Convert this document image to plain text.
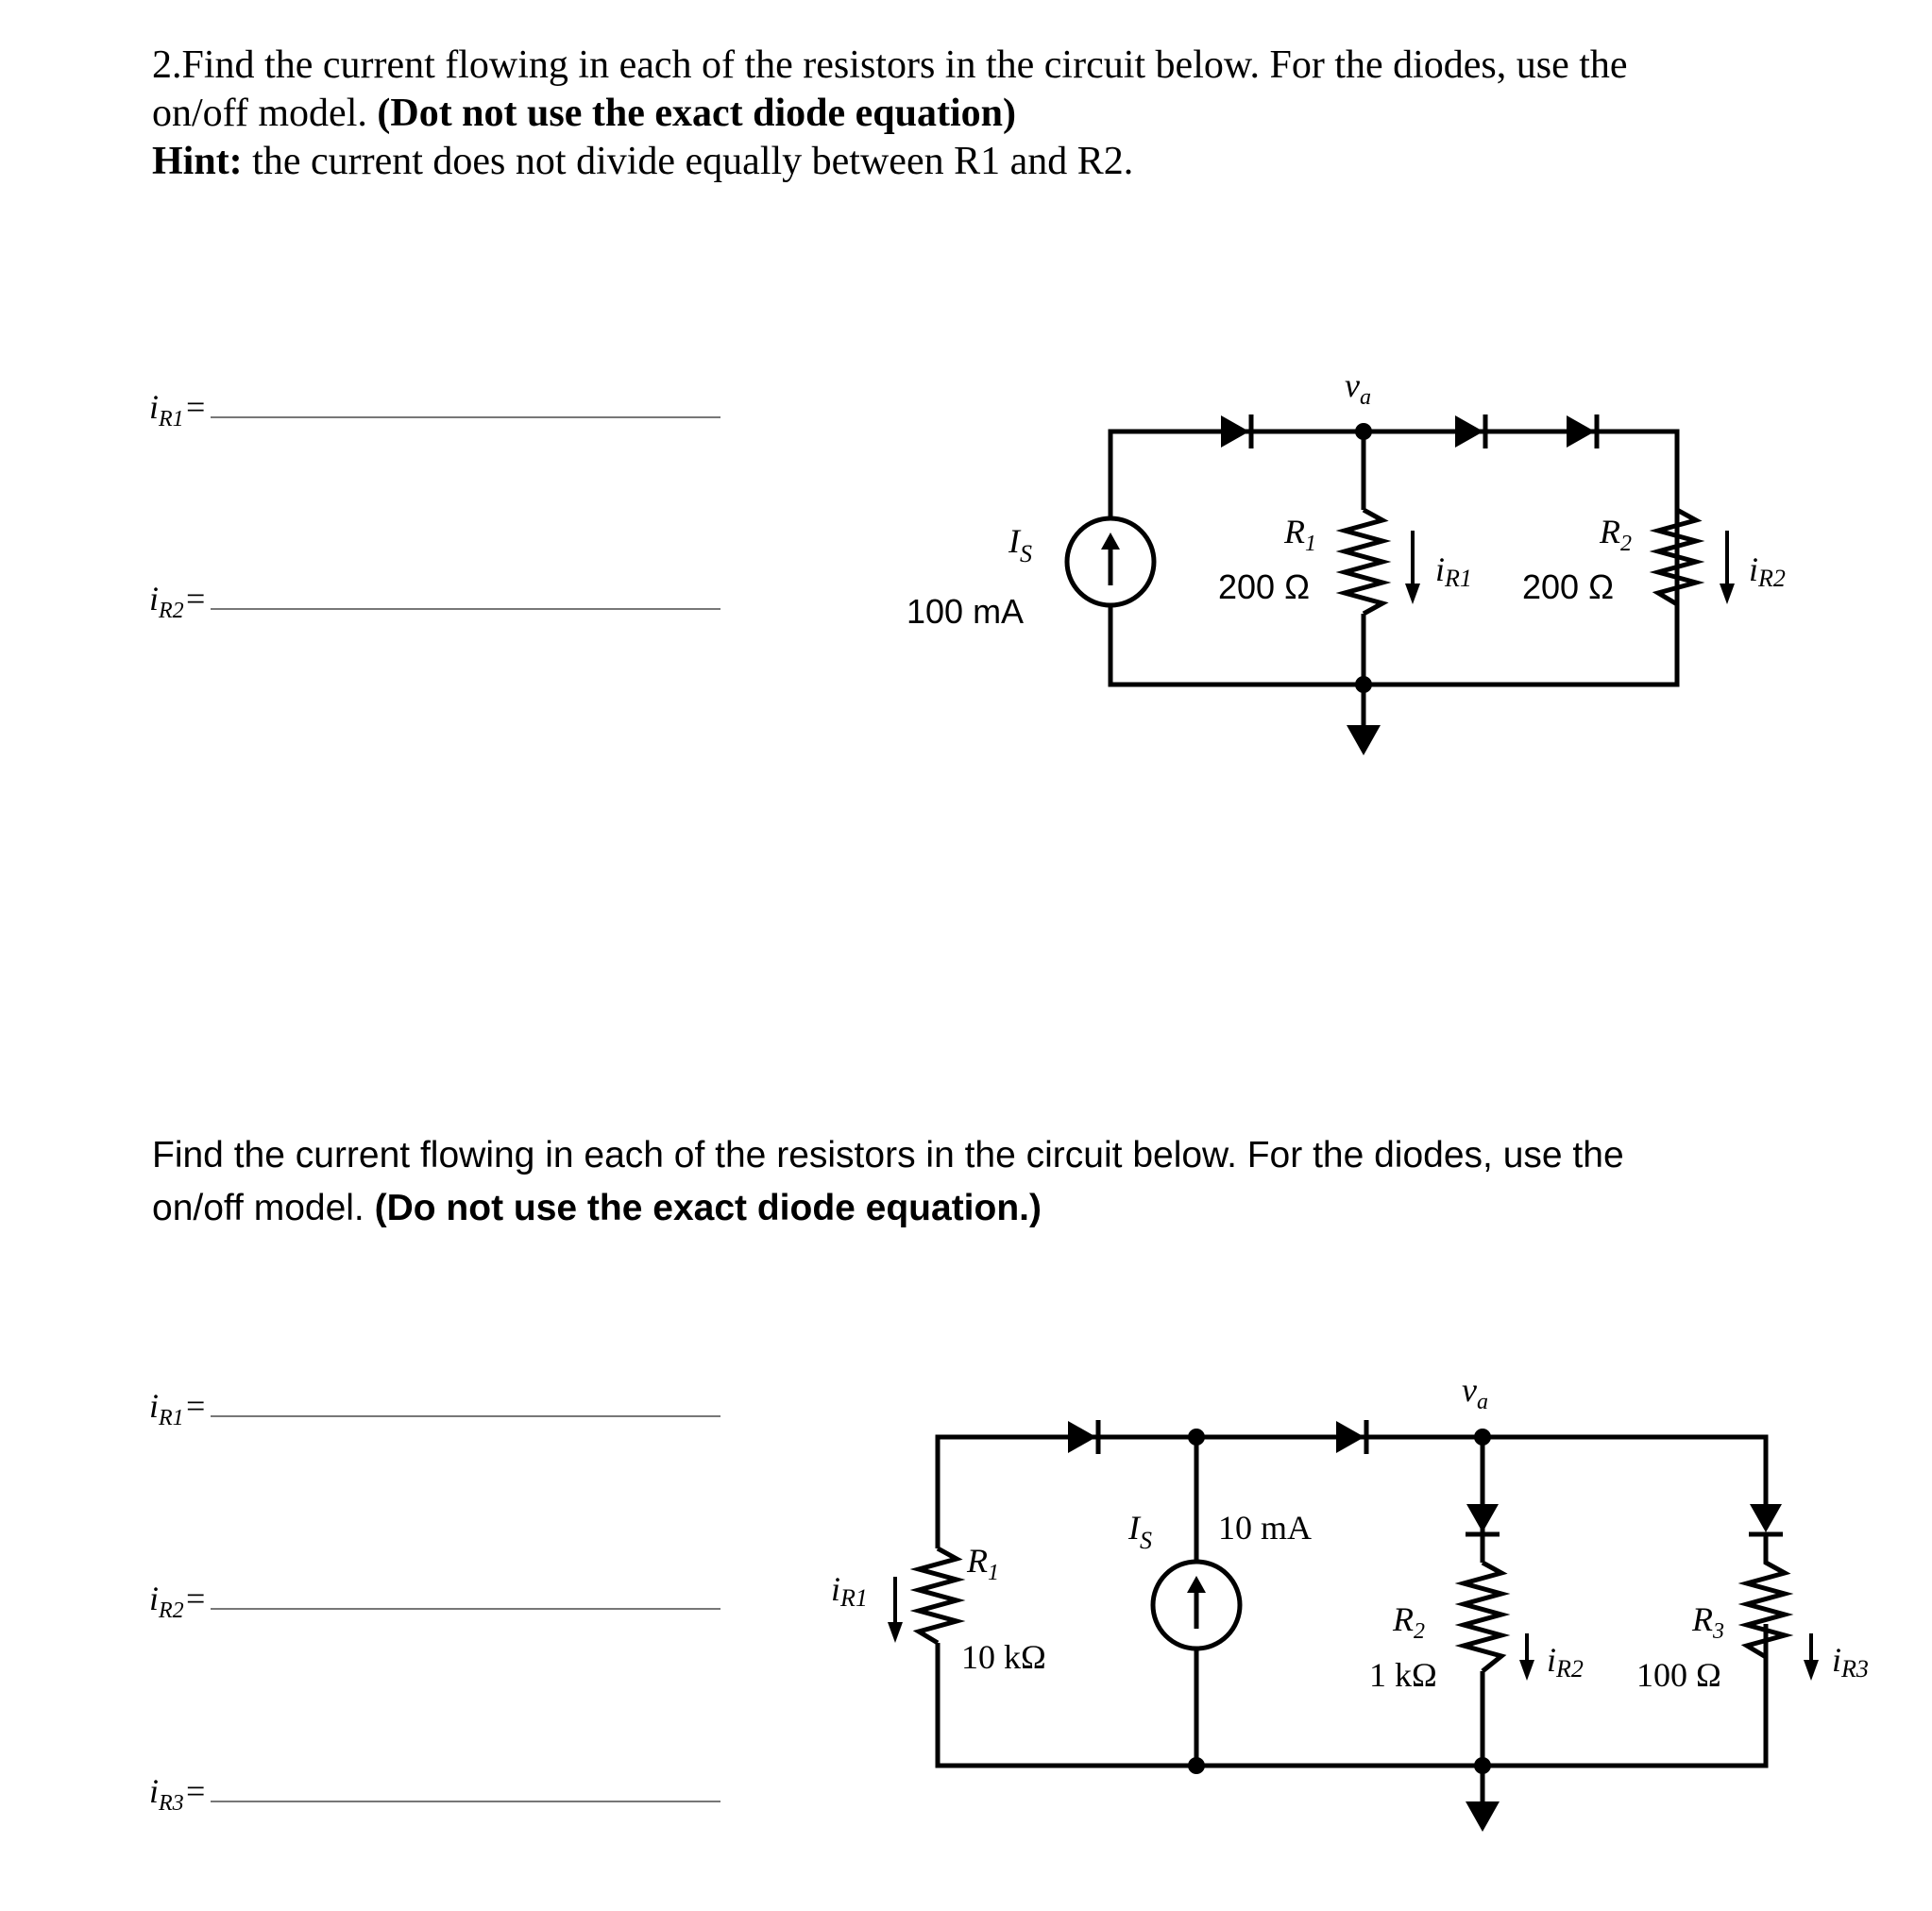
2.Find the current flowing in each of the resistors in the circuit below. For the diodes, use the
on/off model. (Dot not use the exact diode equation)
Hint: the current does not divide equally between R1 and R2.
$i_{R1}=$
$i_{R2}=$
Find the current flowing in each of the resistors in the circuit below. For the diodes, use the
on/off model. (Do not use the exact diode equation.)
$i_{R1}=$
$i_{R2}=$
$i_{R3}=$
$v_a$
$I_S$
100 mA
$R_1$
200 Ω	iR1
$R_2$
200 Ω	iR2
$v_a$
$I_S$ 10 mA
$R_1$
10 kΩ
iR1
$R_2$
1 kΩ	iR2
$R_3$
100 Ω	iR3
